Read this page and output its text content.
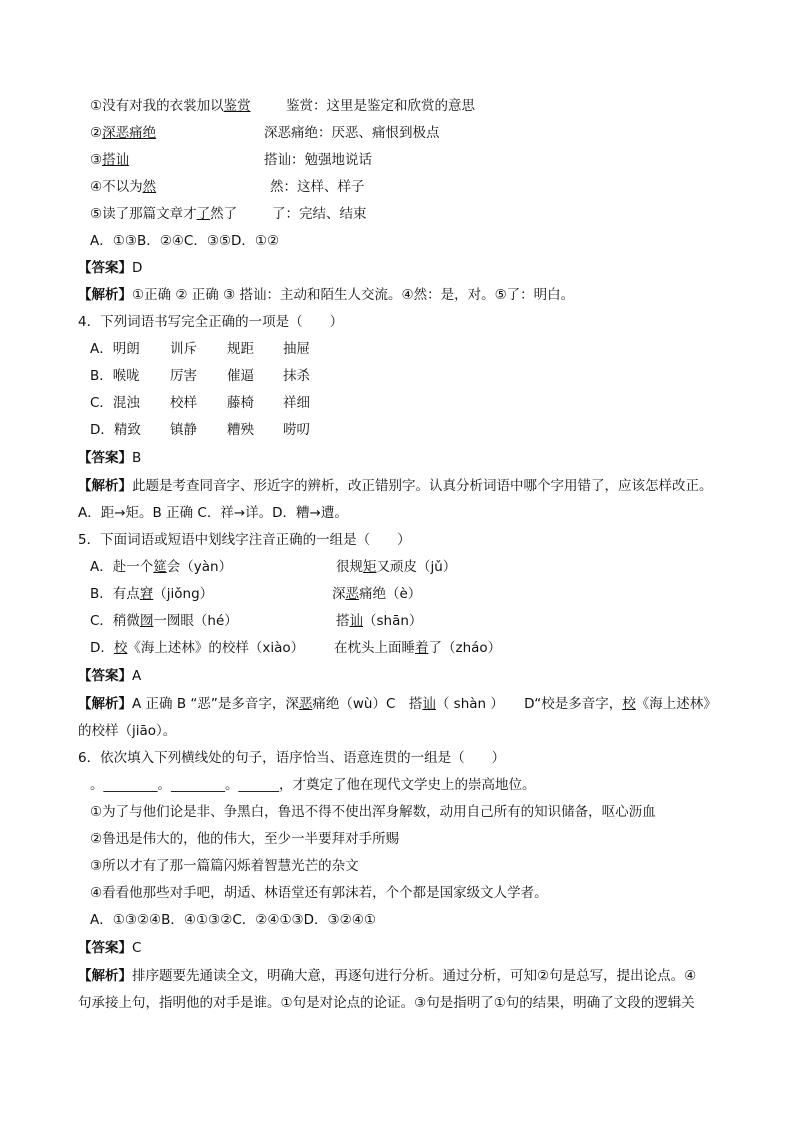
①没有对我的衣裳加以鉴赏	鉴赏：这里是鉴定和欣赏的意思
②深恶痛绝	深恶痛绝：厌恶、痛恨到极点
③搭讪	搭讪：勉强地说话
④不以为然	然：这样、样子
⑤读了那篇文章才了然了	了：完结、结束
A．①③B．②④C．③⑤D．①②
【答案】D
【解析】①正确 ② 正确 ③ 搭讪：主动和陌生人交流。④然：是，对。⑤了：明白。
4．下列词语书写完全正确的一项是（　　）
A．明朗 训斥 规距 抽屉
B．喉咙 厉害 催逼 抹杀
C．混浊 校样 藤椅 祥细
D．精致 镇静 糟殃 唠叨
【答案】B
【解析】此题是考查同音字、形近字的辨析，改正错别字。认真分析词语中哪个字用错了，应该怎样改正。
A．距→矩。B 正确 C．祥→详。D．糟→遭。
5．下面词语或短语中划线字注音正确的一组是（　　）
A．赴一个筵会（yàn）	很规矩又顽皮（jǔ）
B．有点窘（jiǒng）	深恶痛绝（è）
C．稍微囫一囫眼（hé）	搭讪（shān）
D．校《海上述林》的校样（xiào） 在枕头上面睡着了（zháo）
【答案】A
【解析】A 正确 B “恶”是多音字，深恶痛绝（wù）C　搭讪（ shàn ）　　D“校是多音字，校《海上述林》
的校样（jiāo）。
6．依次填入下列横线处的句子，语序恰当、语意连贯的一组是（　　）
。________。________。______，才奠定了他在现代文学史上的崇高地位。
①为了与他们论是非、争黑白，鲁迅不得不使出浑身解数，动用自己所有的知识储备，呕心沥血
②鲁迅是伟大的，他的伟大，至少一半要拜对手所赐
③所以才有了那一篇篇闪烁着智慧光芒的杂文
④看看他那些对手吧，胡适、林语堂还有郭沫若，个个都是国家级文人学者。
A．①③②④B．④①③②C．②④①③D．③②④①
【答案】C
【解析】排序题要先通读全文，明确大意，再逐句进行分析。通过分析，可知②句是总写，提出论点。④
句承接上句，指明他的对手是谁。①句是对论点的论证。③句是指明了①句的结果，明确了文段的逻辑关
